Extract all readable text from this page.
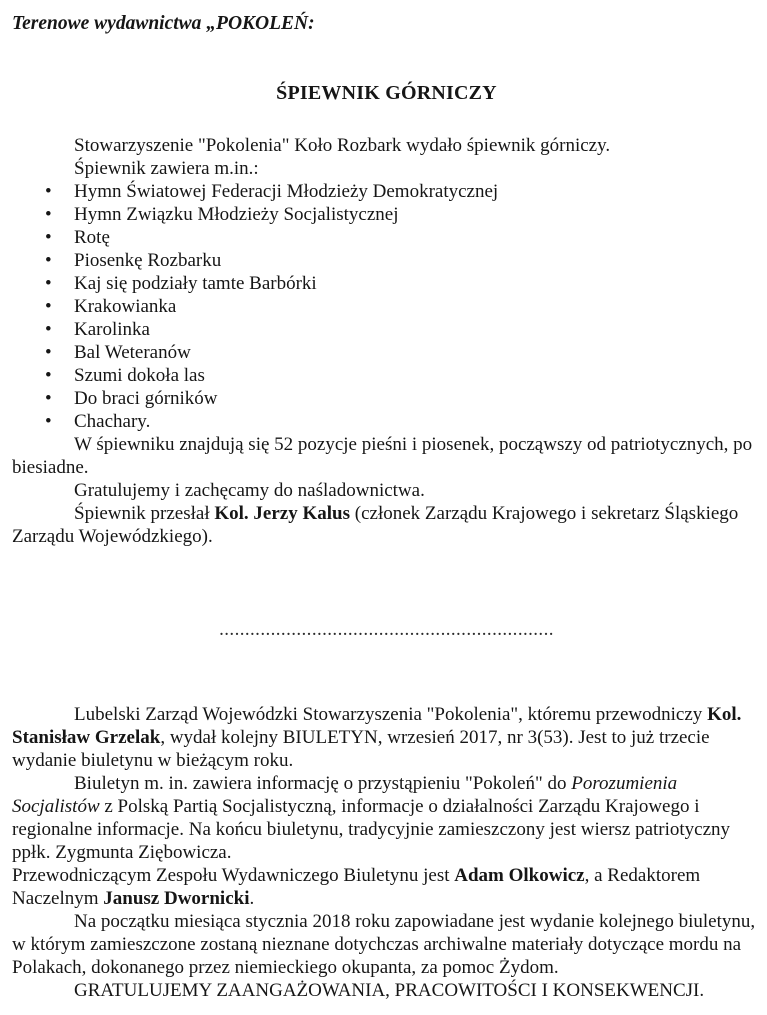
Terenowe wydawnictwa „POKOLEŃ:

ŚPIEWNIK GÓRNICZY

Stowarzyszenie "Pokolenia" Koło Rozbark wydało śpiewnik górniczy.

Śpiewnik zawiera m.in.:

• Hymn Światowej Federacji Młodzieży Demokratycznej
• Hymn Związku Młodzieży Socjalistycznej
• Rotę
• Piosenkę Rozbarku
• Kaj się podziały tamte Barbórki
• Krakowianka
• Karolinka
• Bal Weteranów
• Szumi dokoła las
• Do braci górników
• Chachary.

W śpiewniku znajdują się 52 pozycje pieśni i piosenek, począwszy od patriotycznych, po biesiadne.

Gratulujemy i zachęcamy do naśladownictwa.

Śpiewnik przesłał Kol. Jerzy Kalus (członek Zarządu Krajowego i sekretarz Śląskiego Zarządu Wojewódzkiego).

.................................................................

Lubelski Zarząd Wojewódzki Stowarzyszenia "Pokolenia", któremu przewodniczy Kol. Stanisław Grzelak, wydał kolejny BIULETYN, wrzesień 2017, nr 3(53). Jest to już trzecie wydanie biuletynu w bieżącym roku.

Biuletyn m. in. zawiera informację o przystąpieniu "Pokoleń" do Porozumienia Socjalistów z Polską Partią Socjalistyczną, informacje o działalności Zarządu Krajowego i regionalne informacje. Na końcu biuletynu, tradycyjnie zamieszczony jest wiersz patriotyczny ppłk. Zygmunta Ziębowicza.

Przewodniczącym Zespołu Wydawniczego Biuletynu jest Adam Olkowicz, a Redaktorem Naczelnym Janusz Dwornicki.

Na początku miesiąca stycznia 2018 roku zapowiadane jest wydanie kolejnego biuletynu, w którym zamieszczone zostaną nieznane dotychczas archiwalne materiały dotyczące mordu na Polakach, dokonanego przez niemieckiego okupanta, za pomoc Żydom.

GRATULUJEMY ZAANGAŻOWANIA, PRACOWITOŚCI I KONSEKWENCJI.
